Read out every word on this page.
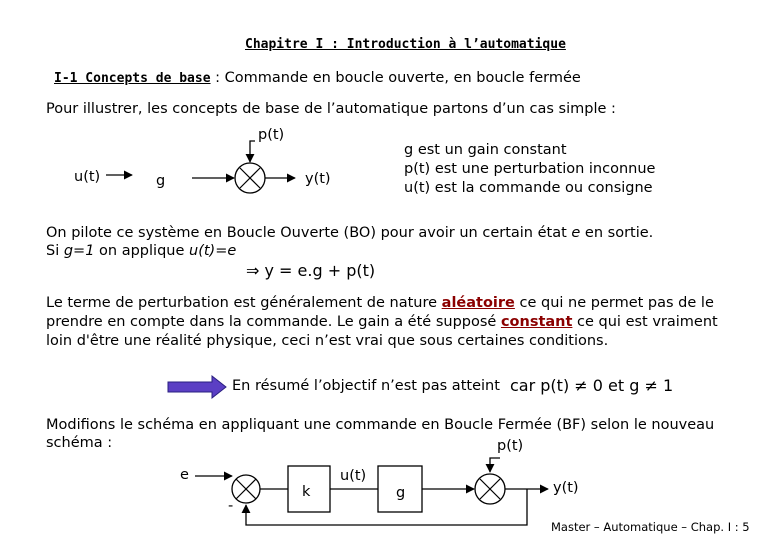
Chapitre I : Introduction à l’automatique
I-1 Concepts de base : Commande en boucle ouverte, en boucle fermée
Pour illustrer, les concepts de base de l’automatique partons d’un cas simple :
p(t)
u(t)	g	y(t)
g est un gain constant
p(t) est une perturbation inconnue
u(t) est la commande ou consigne
On pilote ce système en Boucle Ouverte (BO) pour avoir un certain état e en sortie.
Si g=1 on applique u(t)=e
⇒ y = e.g + p(t)
Le terme de perturbation est généralement de nature aléatoire ce qui ne permet pas de le
prendre en compte dans la commande. Le gain a été supposé constant ce qui est vraiment
loin d'être une réalité physique, ceci n’est vrai que sous certaines conditions.
En résumé l’objectif n’est pas atteint car p(t) ≠ 0 et g ≠ 1
Modifions le schéma en appliquant une commande en Boucle Fermée (BF) selon le nouveau
schéma :	p(t)
e
-
k
u(t)
g	y(t)
Master – Automatique – Chap. I : 5
